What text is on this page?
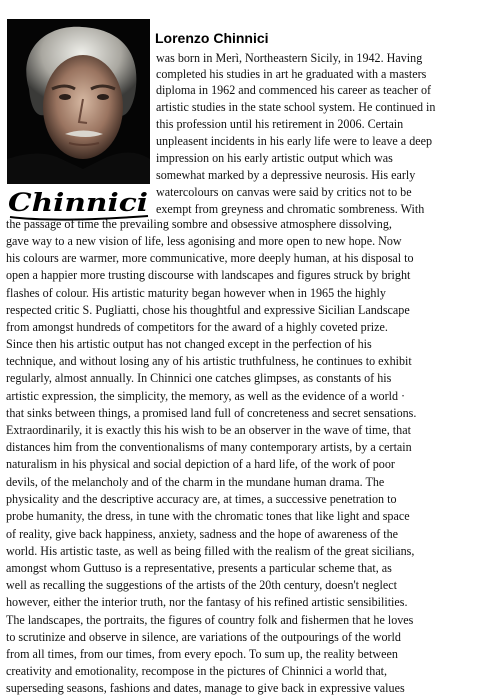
Chinnici
Lorenzo Chinnici

was born in Merì, Northeastern Sicily, in 1942. Having

completed his studies in art he graduated with a masters

diploma in 1962 and commenced his career as teacher of

artistic studies in the state school system. He continued in

this profession until his retirement in 2006. Certain

unpleasent incidents in his early life were to leave a deep

impression on his early artistic output which was

somewhat marked by a depressive neurosis. His early

watercolours on canvas were said by critics not to be

exempt from greyness and chromatic sombreness. With

the passage of time the prevailing sombre and obsessive atmosphere dissolving,

gave way to a new vision of life, less agonising and more open to new hope. Now

his colours are warmer, more communicative, more deeply human, at his disposal to

open a happier more trusting discourse with landscapes and figures struck by bright

flashes of colour. His artistic maturity began however when in 1965 the highly

respected critic S. Pugliatti, chose his thoughtful and expressive Sicilian Landscape

from amongst hundreds of competitors for the award of a highly coveted prize.

Since then his artistic output has not changed except in the perfection of his

technique, and without losing any of his artistic truthfulness, he continues to exhibit

regularly, almost annually. In Chinnici one catches glimpses, as constants of his

artistic expression, the simplicity, the memory, as well as the evidence of a world ·

that sinks between things, a promised land full of concreteness and secret sensations.

Extraordinarily, it is exactly this his wish to be an observer in the wave of time, that

distances him from the conventionalisms of many contemporary artists, by a certain

naturalism in his physical and social depiction of a hard life, of the work of poor

devils, of the melancholy and of the charm in the mundane human drama. The

physicality and the descriptive accuracy are, at times, a successive penetration to

probe humanity, the dress, in tune with the chromatic tones that like light and space

of reality, give back happiness, anxiety, sadness and the hope of awareness of the

world. His artistic taste, as well as being filled with the realism of the great sicilians,

amongst whom Guttuso is a representative, presents a particular scheme that, as

well as recalling the suggestions of the artists of the 20th century, doesn't neglect

however, either the interior truth, nor the fantasy of his refined artistic sensibilities.

The landscapes, the portraits, the figures of country folk and fishermen that he loves

to scrutinize and observe in silence, are variations of the outpourings of the world

from all times, from our times, from every epoch. To sum up, the reality between

creativity and emotionality, recompose in the pictures of Chinnici a world that,

superseding seasons, fashions and dates, manage to give back in expressive values
